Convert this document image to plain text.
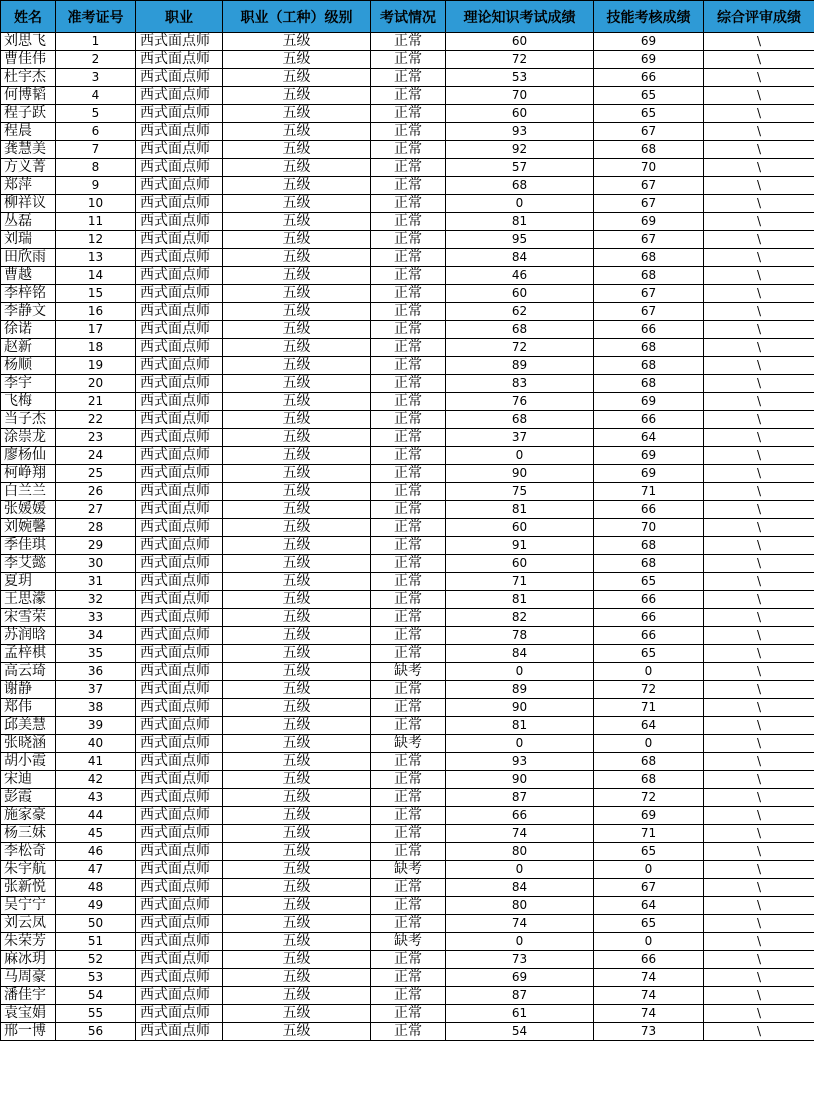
姓名	准考证号	职业	职业（工种）级别	考试情况	理论知识考试成绩	技能考核成绩	综合评审成绩
刘思飞	1	西式面点师	五级	正常	60	69	\
曹佳伟	2	西式面点师	五级	正常	72	69	\
杜宇杰	3	西式面点师	五级	正常	53	66	\
何博韬	4	西式面点师	五级	正常	70	65	\
程子跃	5	西式面点师	五级	正常	60	65	\
程晨	6	西式面点师	五级	正常	93	67	\
龚慧美	7	西式面点师	五级	正常	92	68	\
方义菁	8	西式面点师	五级	正常	57	70	\
郑萍	9	西式面点师	五级	正常	68	67	\
柳祥议	10	西式面点师	五级	正常	0	67	\
丛磊	11	西式面点师	五级	正常	81	69	\
刘瑞	12	西式面点师	五级	正常	95	67	\
田欣雨	13	西式面点师	五级	正常	84	68	\
曹越	14	西式面点师	五级	正常	46	68	\
李梓铭	15	西式面点师	五级	正常	60	67	\
李静文	16	西式面点师	五级	正常	62	67	\
徐诺	17	西式面点师	五级	正常	68	66	\
赵新	18	西式面点师	五级	正常	72	68	\
杨顺	19	西式面点师	五级	正常	89	68	\
李宇	20	西式面点师	五级	正常	83	68	\
飞梅	21	西式面点师	五级	正常	76	69	\
当子杰	22	西式面点师	五级	正常	68	66	\
涂崇龙	23	西式面点师	五级	正常	37	64	\
廖杨仙	24	西式面点师	五级	正常	0	69	\
柯峥翔	25	西式面点师	五级	正常	90	69	\
白兰兰	26	西式面点师	五级	正常	75	71	\
张媛媛	27	西式面点师	五级	正常	81	66	\
刘婉馨	28	西式面点师	五级	正常	60	70	\
季佳琪	29	西式面点师	五级	正常	91	68	\
李艾懿	30	西式面点师	五级	正常	60	68	\
夏玥	31	西式面点师	五级	正常	71	65	\
王思濛	32	西式面点师	五级	正常	81	66	\
宋雪荣	33	西式面点师	五级	正常	82	66	\
苏润晗	34	西式面点师	五级	正常	78	66	\
孟梓棋	35	西式面点师	五级	正常	84	65	\
高云琦	36	西式面点师	五级	缺考	0	0	\
谢静	37	西式面点师	五级	正常	89	72	\
郑伟	38	西式面点师	五级	正常	90	71	\
邱美慧	39	西式面点师	五级	正常	81	64	\
张晓涵	40	西式面点师	五级	缺考	0	0	\
胡小霞	41	西式面点师	五级	正常	93	68	\
宋迪	42	西式面点师	五级	正常	90	68	\
彭霞	43	西式面点师	五级	正常	87	72	\
施家豪	44	西式面点师	五级	正常	66	69	\
杨三妹	45	西式面点师	五级	正常	74	71	\
李松奇	46	西式面点师	五级	正常	80	65	\
朱宇航	47	西式面点师	五级	缺考	0	0	\
张新悦	48	西式面点师	五级	正常	84	67	\
吴宁宁	49	西式面点师	五级	正常	80	64	\
刘云凤	50	西式面点师	五级	正常	74	65	\
朱荣芳	51	西式面点师	五级	缺考	0	0	\
麻冰玥	52	西式面点师	五级	正常	73	66	\
马周豪	53	西式面点师	五级	正常	69	74	\
潘佳宇	54	西式面点师	五级	正常	87	74	\
袁宝娟	55	西式面点师	五级	正常	61	74	\
邢一博	56	西式面点师	五级	正常	54	73	\
